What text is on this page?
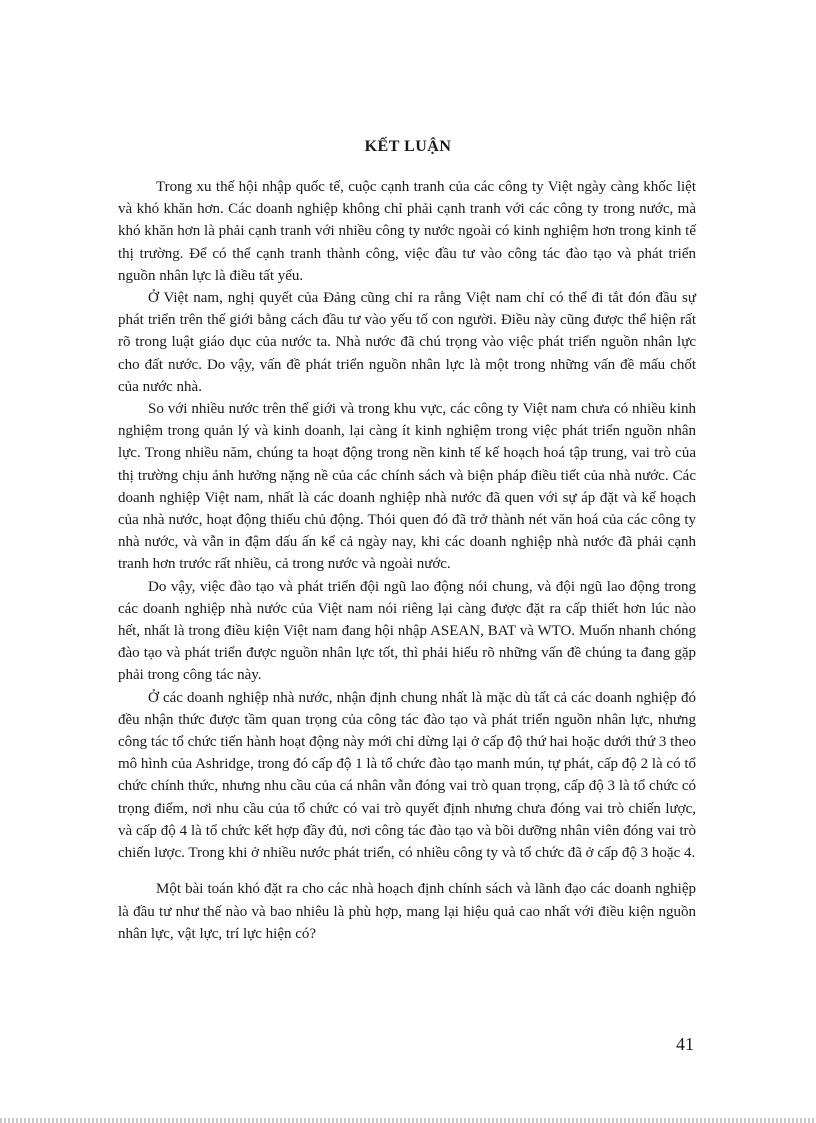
KẾT LUẬN

Trong xu thế hội nhập quốc tế, cuộc cạnh tranh của các công ty Việt ngày càng khốc liệt và khó khăn hơn. Các doanh nghiệp không chỉ phải cạnh tranh với các công ty trong nước, mà khó khăn hơn là phải cạnh tranh với nhiều công ty nước ngoài có kinh nghiệm hơn trong kinh tế thị trường. Để có thể cạnh tranh thành công, việc đầu tư vào công tác đào tạo và phát triển nguồn nhân lực là điều tất yếu.

Ở Việt nam, nghị quyết của Đảng cũng chỉ ra rằng Việt nam chỉ có thể đi tắt đón đầu sự phát triển trên thế giới bằng cách đầu tư vào yếu tố con người. Điều này cũng được thể hiện rất rõ trong luật giáo dục của nước ta. Nhà nước đã chú trọng vào việc phát triển nguồn nhân lực cho đất nước. Do vậy, vấn đề phát triển nguồn nhân lực là một trong những vấn đề mấu chốt của nước nhà.

So với nhiều nước trên thế giới và trong khu vực, các công ty Việt nam chưa có nhiều kinh nghiệm trong quản lý và kinh doanh, lại càng ít kinh nghiệm trong việc phát triển nguồn nhân lực. Trong nhiều năm, chúng ta hoạt động trong nền kinh tế kế hoạch hoá tập trung, vai trò của thị trường chịu ảnh hưởng nặng nề của các chính sách và biện pháp điều tiết của nhà nước. Các doanh nghiệp Việt nam, nhất là các doanh nghiệp nhà nước đã quen với sự áp đặt và kế hoạch của nhà nước, hoạt động thiếu chủ động. Thói quen đó đã trở thành nét văn hoá của các công ty nhà nước, và vẫn in đậm dấu ấn kể cả ngày nay, khi các doanh nghiệp nhà nước đã phải cạnh tranh hơn trước rất nhiều, cả trong nước và ngoài nước.

Do vậy, việc đào tạo và phát triển đội ngũ lao động nói chung, và đội ngũ lao động trong các doanh nghiệp nhà nước của Việt nam nói riêng lại càng được đặt ra cấp thiết hơn lúc nào hết, nhất là trong điều kiện Việt nam đang hội nhập ASEAN, BAT và WTO. Muốn nhanh chóng đào tạo và phát triển được nguồn nhân lực tốt, thì phải hiểu rõ những vấn đề chúng ta đang gặp phải trong công tác này.

Ở các doanh nghiệp nhà nước, nhận định chung nhất là mặc dù tất cả các doanh nghiệp đó đều nhận thức được tầm quan trọng của công tác đào tạo và phát triển nguồn nhân lực, nhưng công tác tổ chức tiến hành hoạt động này mới chỉ dừng lại ở cấp độ thứ hai hoặc dưới thứ 3 theo mô hình của Ashridge, trong đó cấp độ 1 là tổ chức đào tạo manh mún, tự phát, cấp độ 2 là có tổ chức chính thức, nhưng nhu cầu của cá nhân vẫn đóng vai trò quan trọng, cấp độ 3 là tổ chức có trọng điểm, nơi nhu cầu của tổ chức có vai trò quyết định nhưng chưa đóng vai trò chiến lược, và cấp độ 4 là tổ chức kết hợp đầy đủ, nơi công tác đào tạo và bồi dưỡng nhân viên đóng vai trò chiến lược. Trong khi ở nhiều nước phát triển, có nhiều công ty và tổ chức đã ở cấp độ 3 hoặc 4.

Một bài toán khó đặt ra cho các nhà hoạch định chính sách và lãnh đạo các doanh nghiệp là đầu tư như thế nào và bao nhiêu là phù hợp, mang lại hiệu quả cao nhất với điều kiện nguồn nhân lực, vật lực, trí lực hiện có?

41
